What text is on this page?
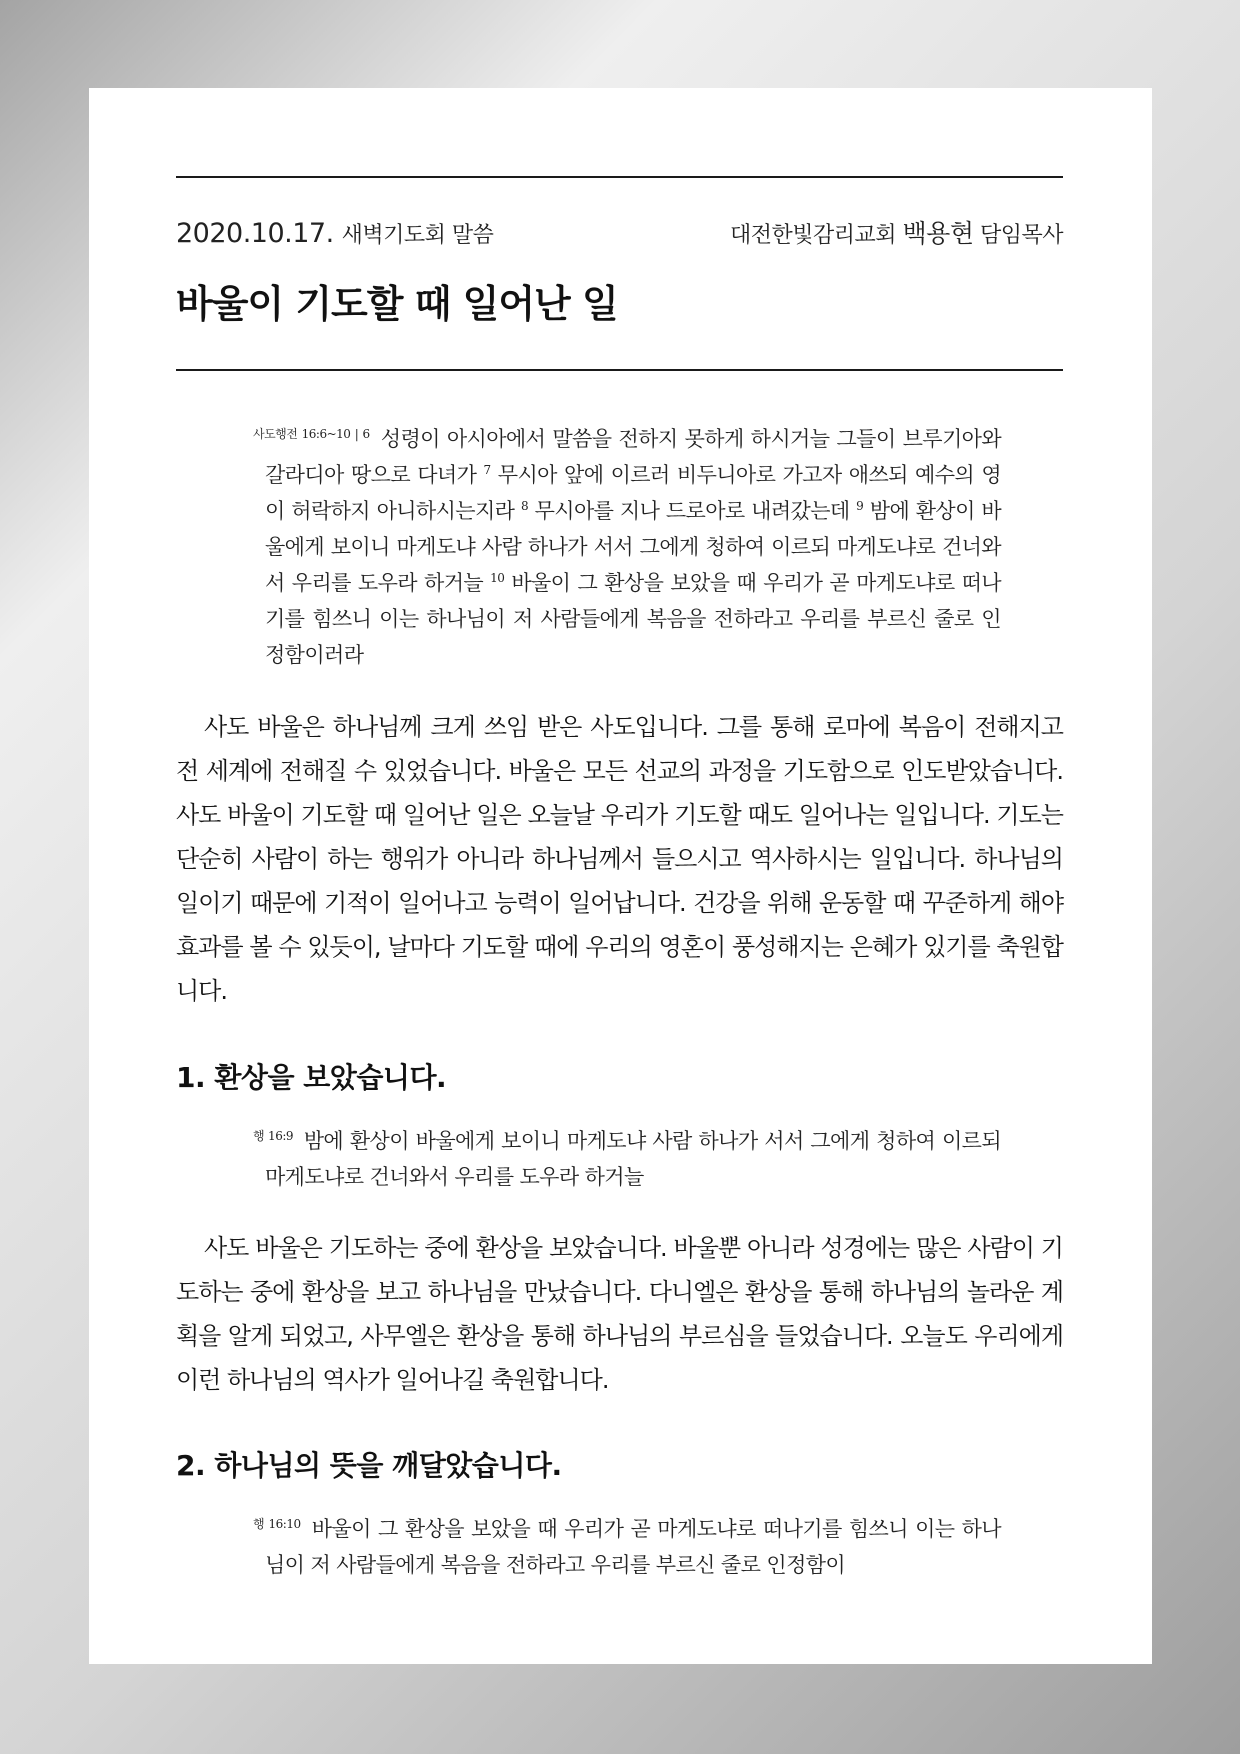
2020.10.17. 새벽기도회 말씀	대전한빛감리교회 백용현 담임목사
바울이 기도할 때 일어난 일

$^{사도행전 16:6\sim 10 | 6}$ 성령이 아시아에서 말씀을 전하지 못하게 하시거늘 그들이 브루기아와 갈라디아 땅으로 다녀가 $^7$ 무시아 앞에 이르러 비두니아로 가고자 애쓰되 예수의 영이 허락하지 아니하시는지라 $^8$ 무시아를 지나 드로아로 내려갔는데 $^9$ 밤에 환상이 바울에게 보이니 마게도냐 사람 하나가 서서 그에게 청하여 이르되 마게도냐로 건너와서 우리를 도우라 하거늘 $^{10}$ 바울이 그 환상을 보았을 때 우리가 곧 마게도냐로 떠나기를 힘쓰니 이는 하나님이 저 사람들에게 복음을 전하라고 우리를 부르신 줄로 인정함이러라

사도 바울은 하나님께 크게 쓰임 받은 사도입니다. 그를 통해 로마에 복음이 전해지고 전 세계에 전해질 수 있었습니다. 바울은 모든 선교의 과정을 기도함으로 인도받았습니다. 사도 바울이 기도할 때 일어난 일은 오늘날 우리가 기도할 때도 일어나는 일입니다. 기도는 단순히 사람이 하는 행위가 아니라 하나님께서 들으시고 역사하시는 일입니다. 하나님의 일이기 때문에 기적이 일어나고 능력이 일어납니다. 건강을 위해 운동할 때 꾸준하게 해야 효과를 볼 수 있듯이, 날마다 기도할 때에 우리의 영혼이 풍성해지는 은혜가 있기를 축원합니다.

1. 환상을 보았습니다.

$^{행 16:9}$ 밤에 환상이 바울에게 보이니 마게도냐 사람 하나가 서서 그에게 청하여 이르되 마게도냐로 건너와서 우리를 도우라 하거늘

사도 바울은 기도하는 중에 환상을 보았습니다. 바울뿐 아니라 성경에는 많은 사람이 기도하는 중에 환상을 보고 하나님을 만났습니다. 다니엘은 환상을 통해 하나님의 놀라운 계획을 알게 되었고, 사무엘은 환상을 통해 하나님의 부르심을 들었습니다. 오늘도 우리에게 이런 하나님의 역사가 일어나길 축원합니다.

2. 하나님의 뜻을 깨달았습니다.

$^{행 16:10}$ 바울이 그 환상을 보았을 때 우리가 곧 마게도냐로 떠나기를 힘쓰니 이는 하나님이 저 사람들에게 복음을 전하라고 우리를 부르신 줄로 인정함이
